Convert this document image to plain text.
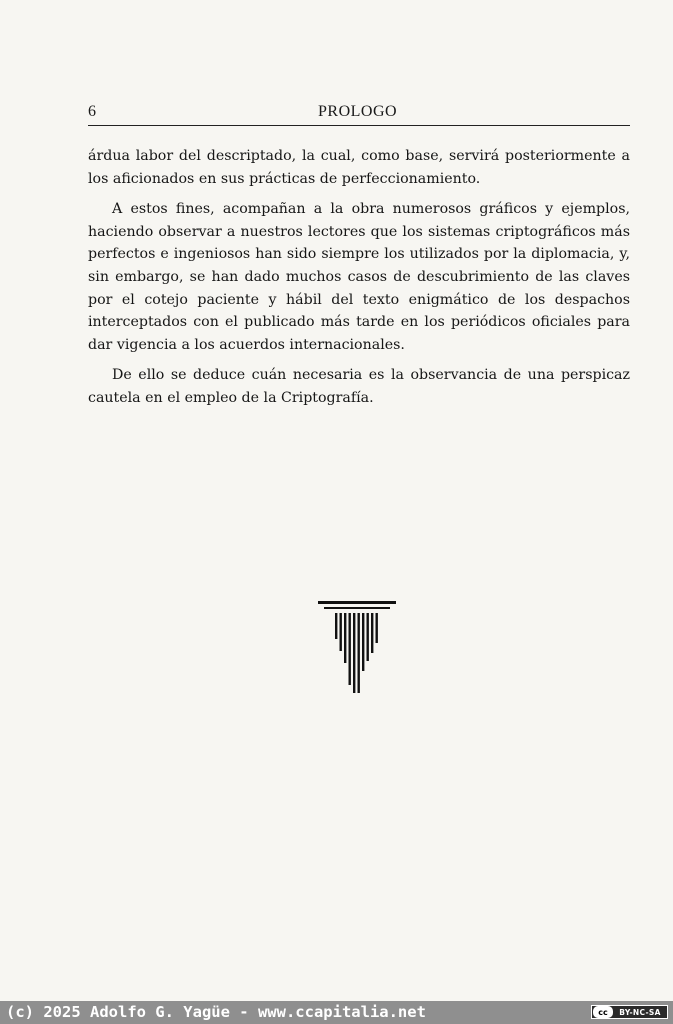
6	PROLOGO

árdua labor del descriptado, la cual, como base, servirá posteriormente a los aficionados en sus prácticas de perfeccionamiento.

A estos fines, acompañan a la obra numerosos gráficos y ejemplos, haciendo observar a nuestros lectores que los sistemas criptográficos más perfectos e ingeniosos han sido siempre los utilizados por la diplomacia, y, sin embargo, se han dado muchos casos de descubrimiento de las claves por el cotejo paciente y hábil del texto enigmático de los despachos interceptados con el publicado más tarde en los periódicos oficiales para dar vigencia a los acuerdos internacionales.

De ello se deduce cuán necesaria es la observancia de una perspicaz cautela en el empleo de la Criptografía.

(c) 2025 Adolfo G. Yagüe - www.ccapitalia.net	cc	BY-NC-SA
